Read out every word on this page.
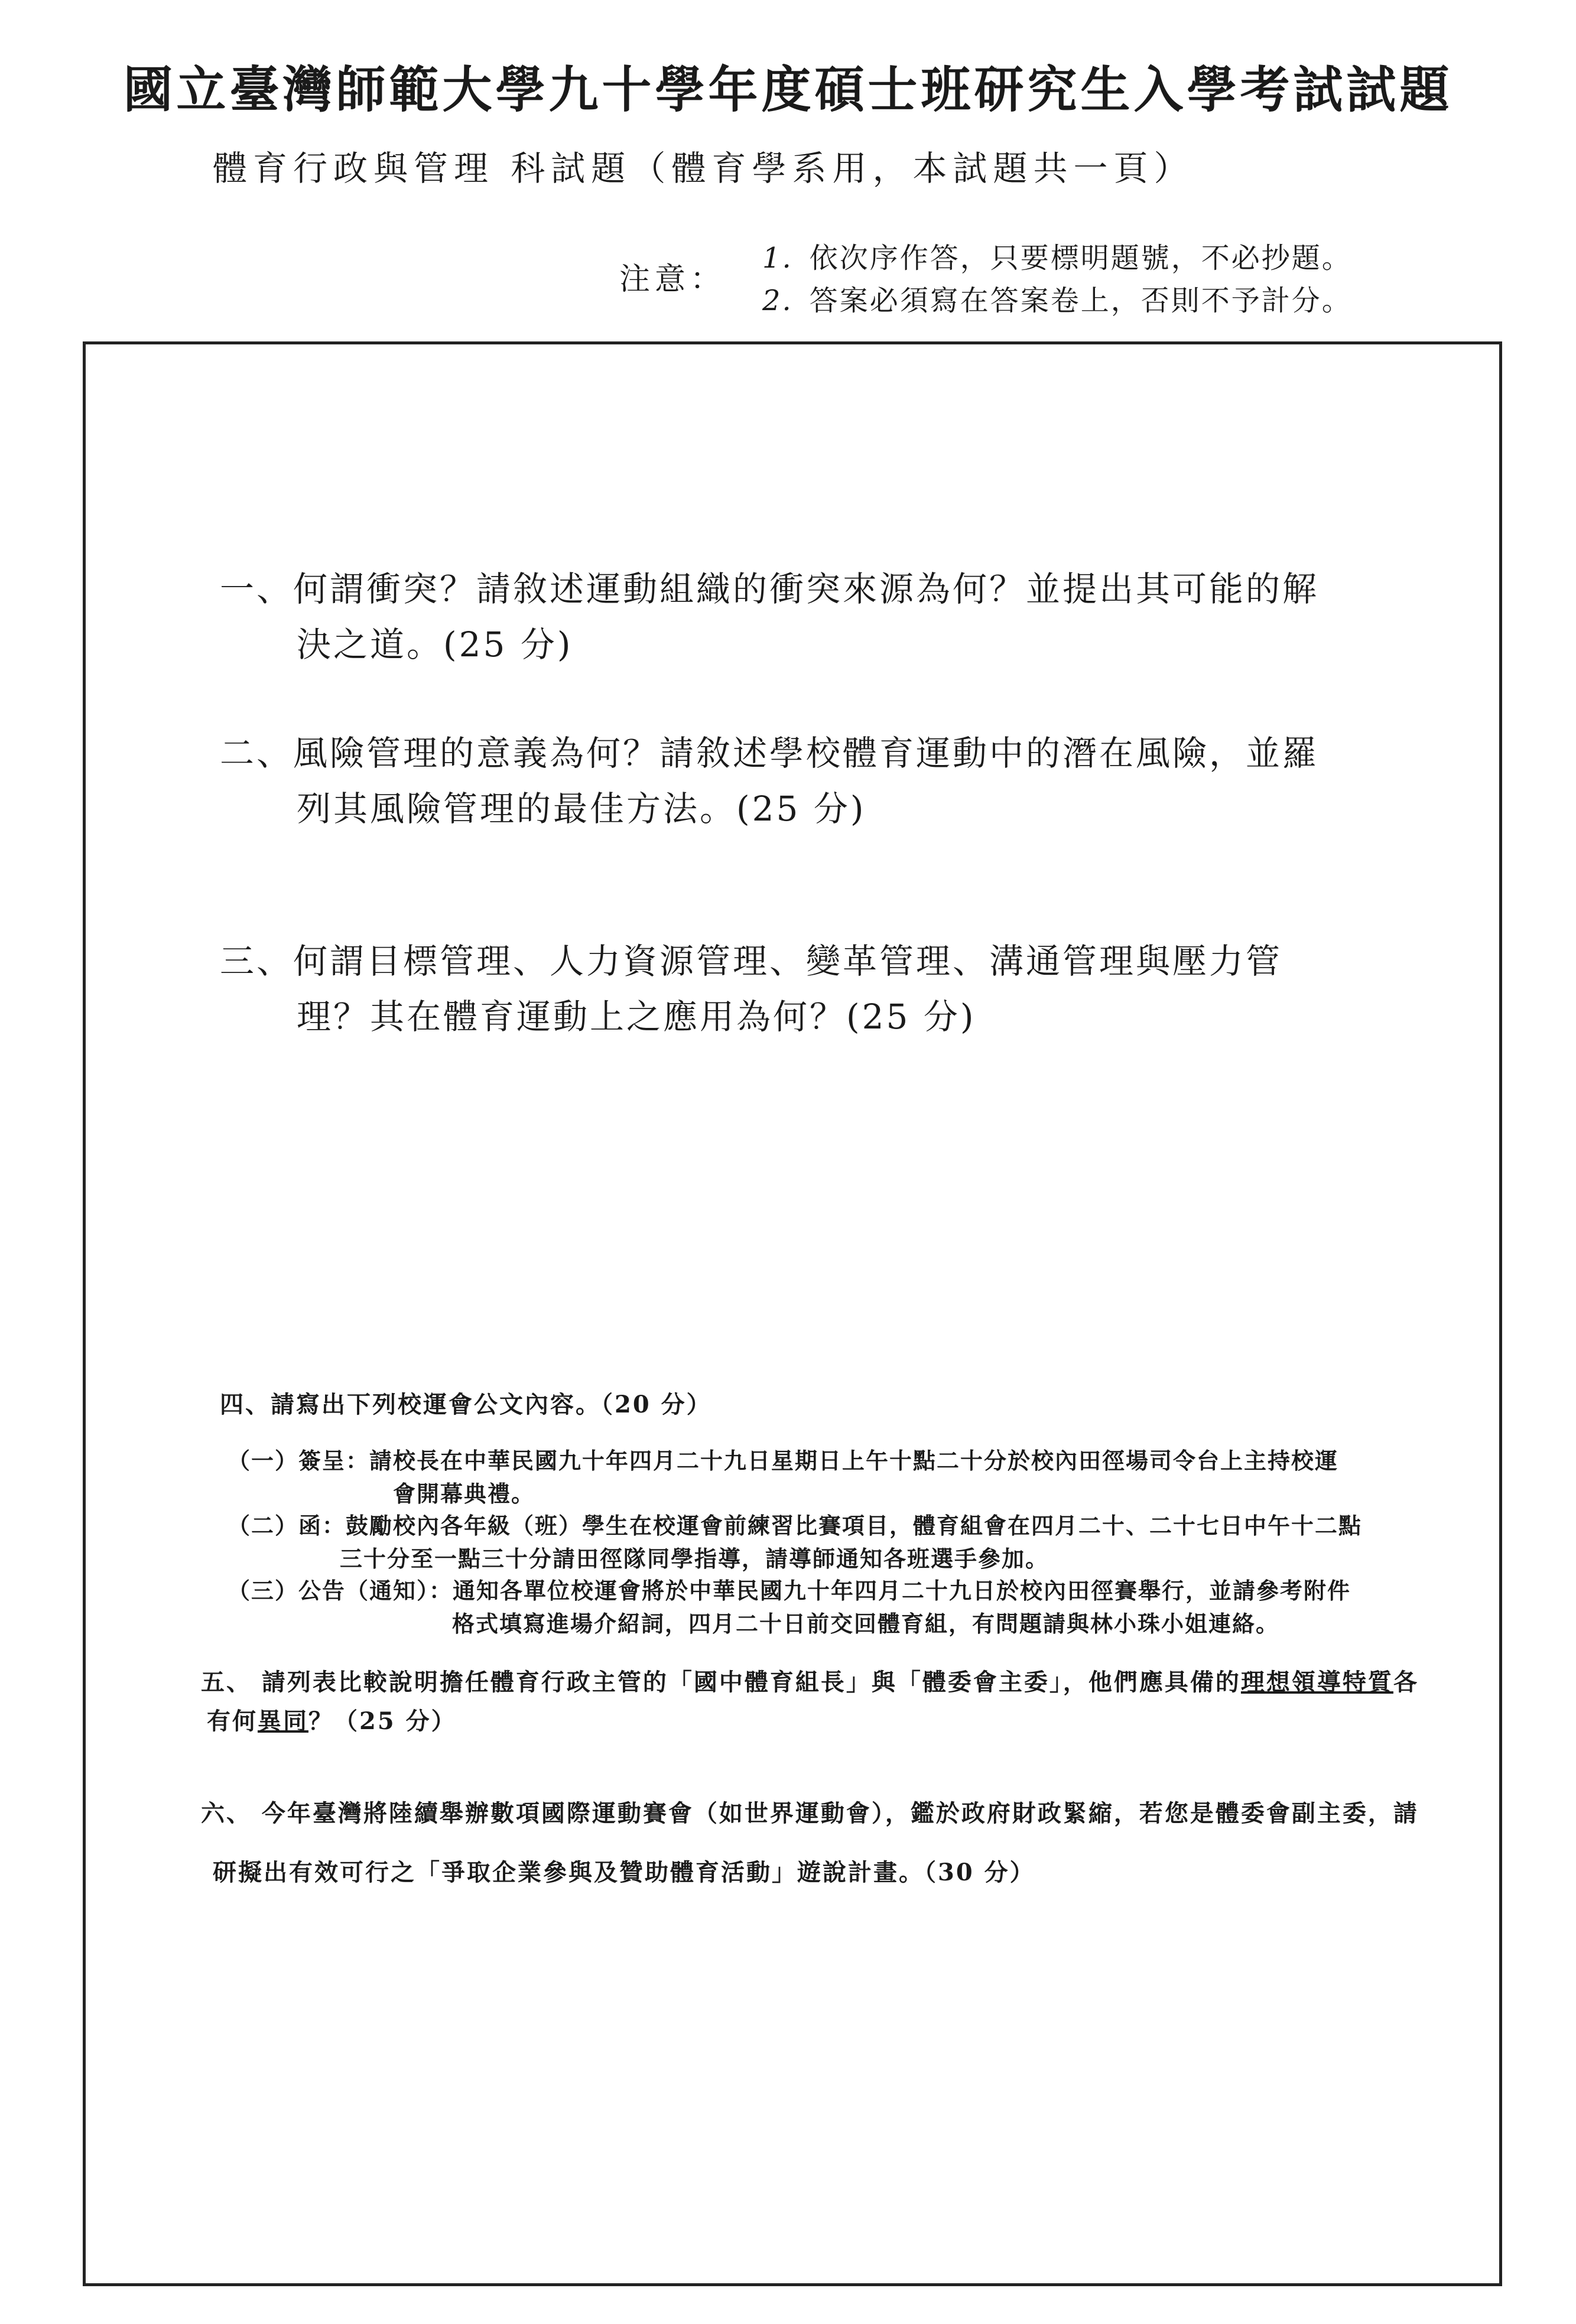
國立臺灣師範大學九十學年度碩士班研究生入學考試試題
體育行政與管理 科試題（體育學系用，本試題共一頁）
注意：
1. 依次序作答，只要標明題號，不必抄題。
2. 答案必須寫在答案卷上，否則不予計分。
一、何謂衝突？請敘述運動組織的衝突來源為何？並提出其可能的解
決之道。(25 分)
二、風險管理的意義為何？請敘述學校體育運動中的潛在風險，並羅
列其風險管理的最佳方法。(25 分)
三、何謂目標管理、人力資源管理、變革管理、溝通管理與壓力管
理？其在體育運動上之應用為何？(25 分)
四、請寫出下列校運會公文內容。（20 分）
（一）簽呈：請校長在中華民國九十年四月二十九日星期日上午十點二十分於校內田徑場司令台上主持校運
會開幕典禮。
（二）函：鼓勵校內各年級（班）學生在校運會前練習比賽項目，體育組會在四月二十、二十七日中午十二點
三十分至一點三十分請田徑隊同學指導，請導師通知各班選手參加。
（三）公告（通知）：通知各單位校運會將於中華民國九十年四月二十九日於校內田徑賽舉行，並請參考附件
格式填寫進場介紹詞，四月二十日前交回體育組，有問題請與林小珠小姐連絡。
五、 請列表比較說明擔任體育行政主管的「國中體育組長」與「體委會主委」，他們應具備的理想領導特質各
有何異同？（25 分）
六、 今年臺灣將陸續舉辦數項國際運動賽會（如世界運動會），鑑於政府財政緊縮，若您是體委會副主委，請
研擬出有效可行之「爭取企業參與及贊助體育活動」遊說計畫。（30 分）
